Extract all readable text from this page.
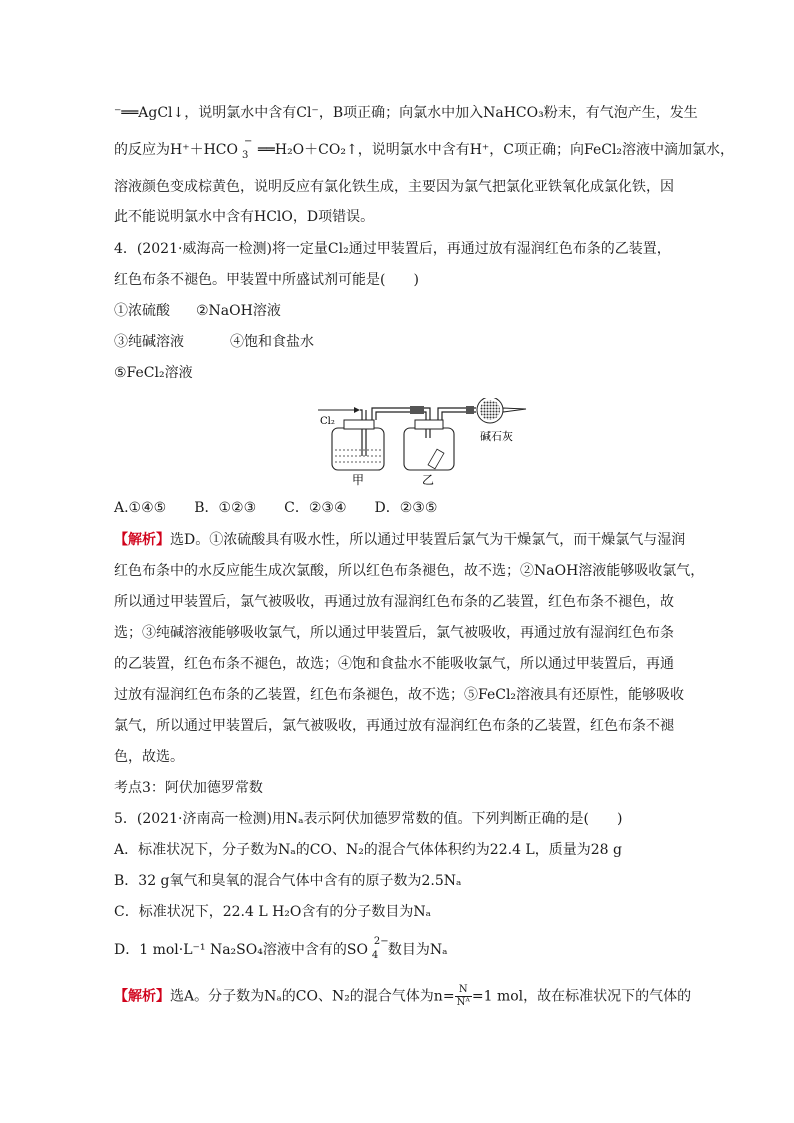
⁻══AgCl↓，说明氯水中含有Cl⁻，B项正确；向氯水中加入NaHCO₃粉末，有气泡产生，发生
的反应为H⁺＋HCO
−
3 ══H₂O＋CO₂↑，说明氯水中含有H⁺，C项正确；向FeCl₂溶液中滴加氯水，
溶液颜色变成棕黄色，说明反应有氯化铁生成，主要因为氯气把氯化亚铁氧化成氯化铁，因
此不能说明氯水中含有HClO，D项错误。
4．(2021·威海高一检测)将一定量Cl₂通过甲装置后，再通过放有湿润红色布条的乙装置，
红色布条不褪色。甲装置中所盛试剂可能是(　　)
①浓硫酸 ②NaOH溶液
③纯碱溶液	④饱和食盐水
⑤FeCl₂溶液
Cl₂
碱石灰
甲	乙
A.①④⑤　　B．①②③　　C．②③④　　D．②③⑤
【解析】选D。①浓硫酸具有吸水性，所以通过甲装置后氯气为干燥氯气，而干燥氯气与湿润
红色布条中的水反应能生成次氯酸，所以红色布条褪色，故不选；②NaOH溶液能够吸收氯气，
所以通过甲装置后，氯气被吸收，再通过放有湿润红色布条的乙装置，红色布条不褪色，故
选；③纯碱溶液能够吸收氯气，所以通过甲装置后，氯气被吸收，再通过放有湿润红色布条
的乙装置，红色布条不褪色，故选；④饱和食盐水不能吸收氯气，所以通过甲装置后，再通
过放有湿润红色布条的乙装置，红色布条褪色，故不选；⑤FeCl₂溶液具有还原性，能够吸收
氯气，所以通过甲装置后，氯气被吸收，再通过放有湿润红色布条的乙装置，红色布条不褪
色，故选。
考点3：阿伏加德罗常数
5．(2021·济南高一检测)用Nₐ表示阿伏加德罗常数的值。下列判断正确的是(　　)
A．标准状况下，分子数为Nₐ的CO、N₂的混合气体体积约为22.4 L，质量为28 g
B．32 g氧气和臭氧的混合气体中含有的原子数为2.5Nₐ
C．标准状况下，22.4 L H₂O含有的分子数目为Nₐ
D．1 mol·L⁻¹ Na₂SO₄溶液中含有的SO
2−
4 数目为Nₐ
【解析】选A。分子数为Nₐ的CO、N₂的混合气体为$n= \frac{N}{\text{Nᴬ}} =1$ mol，故在标准状况下的气体的
